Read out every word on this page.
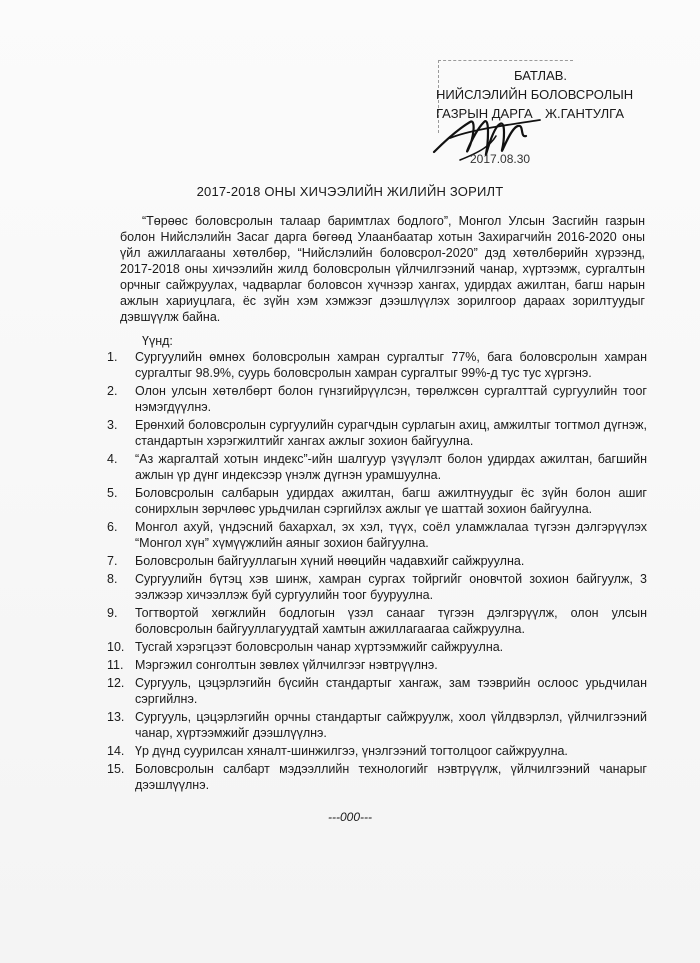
БАТЛАВ.
НИЙСЛЭЛИЙН БОЛОВСРОЛЫН
ГАЗРЫН ДАРГА Ж.ГАНТУЛГА
2017.08.30
2017-2018 ОНЫ ХИЧЭЭЛИЙН ЖИЛИЙН ЗОРИЛТ

“Төрөөс боловсролын талаар баримтлах бодлого”, Монгол Улсын Засгийн газрын болон Нийслэлийн Засаг дарга бөгөөд Улаанбаатар хотын Захирагчийн 2016-2020 оны үйл ажиллагааны хөтөлбөр, “Нийслэлийн боловсрол-2020” дэд хөтөлбөрийн хүрээнд, 2017-2018 оны хичээлийн жилд боловсролын үйлчилгээний чанар, хүртээмж, сургалтын орчныг сайжруулах, чадварлаг боловсон хүчнээр хангах, удирдах ажилтан, багш нарын ажлын хариуцлага, ёс зүйн хэм хэмжээг дээшлүүлэх зорилгоор дараах зорилтуудыг дэвшүүлж байна.

Үүнд:
1.	Сургуулийн өмнөх боловсролын хамран сургалтыг 77%, бага боловсролын хамран сургалтыг 98.9%, суурь боловсролын хамран сургалтыг 99%-д тус тус хүргэнэ.
2.	Олон улсын хөтөлбөрт болон гүнзгийрүүлсэн, төрөлжсөн сургалттай сургуулийн тоог нэмэгдүүлнэ.
3.	Ерөнхий боловсролын сургуулийн сурагчдын сурлагын ахиц, амжилтыг тогтмол дүгнэж, стандартын хэрэгжилтийг хангах ажлыг зохион байгуулна.
4.	“Аз жаргалтай хотын индекс”-ийн шалгуур үзүүлэлт болон удирдах ажилтан, багшийн ажлын үр дүнг индексээр үнэлж дүгнэн урамшуулна.
5.	Боловсролын салбарын удирдах ажилтан, багш ажилтнуудыг ёс зүйн болон ашиг сонирхлын зөрчлөөс урьдчилан сэргийлэх ажлыг үе шаттай зохион байгуулна.
6.	Монгол ахуй, үндэсний бахархал, эх хэл, түүх, соёл уламжлалаа түгээн дэлгэрүүлэх “Монгол хүн” хүмүүжлийн аяныг зохион байгуулна.
7.	Боловсролын байгууллагын хүний нөөцийн чадавхийг сайжруулна.
8.	Сургуулийн бүтэц хэв шинж, хамран сургах тойргийг оновчтой зохион байгуулж, 3 ээлжээр хичээллэж буй сургуулийн тоог бууруулна.
9.	Тогтвортой хөгжлийн бодлогын үзэл санааг түгээн дэлгэрүүлж, олон улсын боловсролын байгууллагуудтай хамтын ажиллагаагаа сайжруулна.
10. Тусгай хэрэгцээт боловсролын чанар хүртээмжийг сайжруулна.
11. Мэргэжил сонголтын зөвлөх үйлчилгээг нэвтрүүлнэ.
12. Сургууль, цэцэрлэгийн бүсийн стандартыг хангаж, зам тээврийн ослоос урьдчилан сэргийлнэ.
13. Сургууль, цэцэрлэгийн орчны стандартыг сайжруулж, хоол үйлдвэрлэл, үйлчилгээний чанар, хүртээмжийг дээшлүүлнэ.
14. Үр дүнд суурилсан хяналт-шинжилгээ, үнэлгээний тогтолцоог сайжруулна.
15. Боловсролын салбарт мэдээллийн технологийг нэвтрүүлж, үйлчилгээний чанарыг дээшлүүлнэ.
---000---
